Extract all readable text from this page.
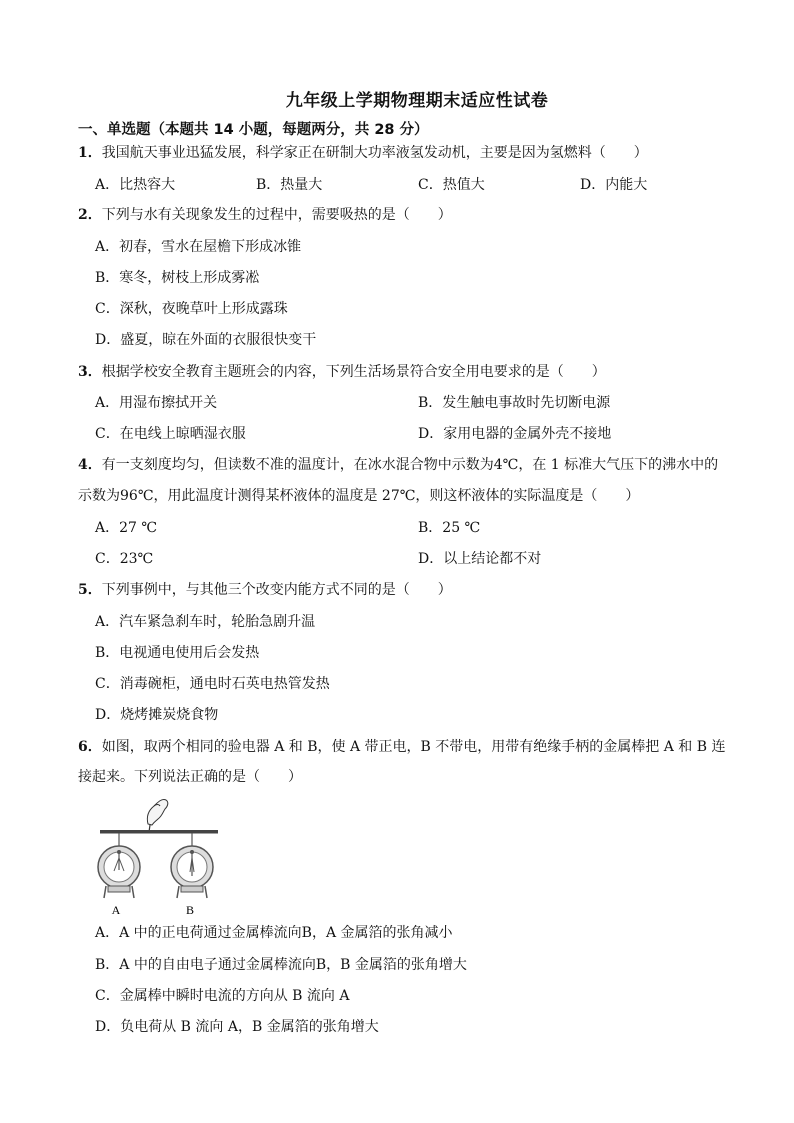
九年级上学期物理期末适应性试卷
一、单选题（本题共 14 小题，每题两分，共 28 分）
1．我国航天事业迅猛发展，科学家正在研制大功率液氢发动机，主要是因为氢燃料（　　）
A．比热容大	B．热量大	C．热值大	D．内能大
2．下列与水有关现象发生的过程中，需要吸热的是（　　）
A．初春，雪水在屋檐下形成冰锥
B．寒冬，树枝上形成雾凇
C．深秋，夜晚草叶上形成露珠
D．盛夏，晾在外面的衣服很快变干
3．根据学校安全教育主题班会的内容，下列生活场景符合安全用电要求的是（　　）
A．用湿布擦拭开关	B．发生触电事故时先切断电源
C．在电线上晾晒湿衣服	D．家用电器的金属外壳不接地
4．有一支刻度均匀，但读数不准的温度计，在冰水混合物中示数为4℃，在 1 标准大气压下的沸水中的
示数为96℃，用此温度计测得某杯液体的温度是 27℃，则这杯液体的实际温度是（　　）
A．27 ℃	B．25 ℃
C．23℃	D．以上结论都不对
5．下列事例中，与其他三个改变内能方式不同的是（　　）
A．汽车紧急刹车时，轮胎急剧升温
B．电视通电使用后会发热
C．消毒碗柜，通电时石英电热管发热
D．烧烤摊炭烧食物
6．如图，取两个相同的验电器 A 和 B，使 A 带正电，B 不带电，用带有绝缘手柄的金属棒把 A 和 B 连
接起来。下列说法正确的是（　　）
A	B
A．A 中的正电荷通过金属棒流向B，A 金属箔的张角减小
B．A 中的自由电子通过金属棒流向B，B 金属箔的张角增大
C．金属棒中瞬时电流的方向从 B 流向 A
D．负电荷从 B 流向 A，B 金属箔的张角增大
